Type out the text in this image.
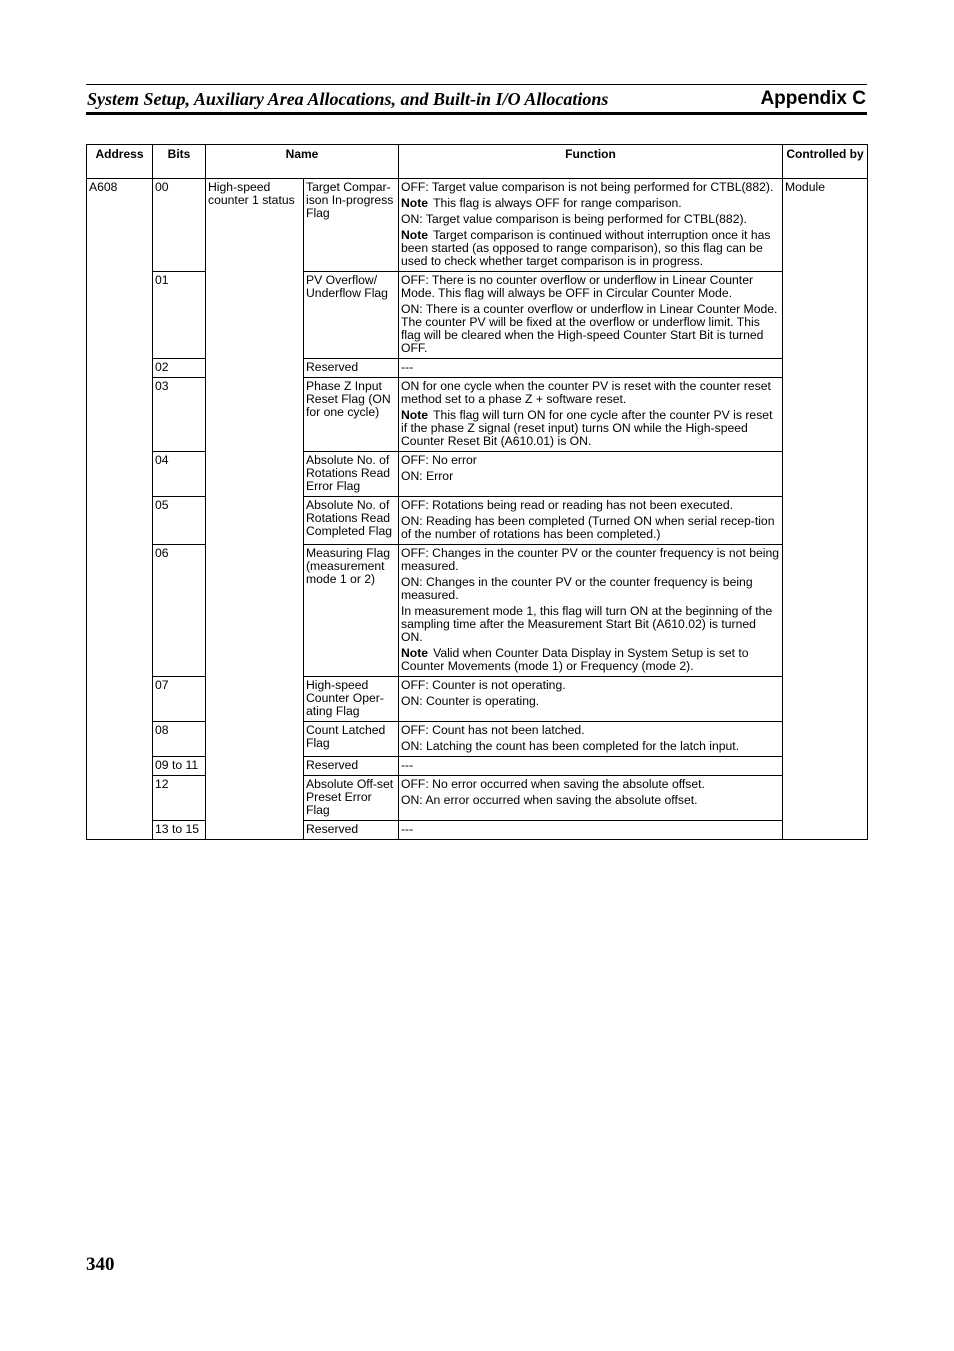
System Setup, Auxiliary Area Allocations, and Built-in I/O Allocations	Appendix C
Address	Bits	Name		Function	Controlled by
A608	00	High-speed counter 1 status	Target Compar-ison In-progress Flag	OFF: Target value comparison is not being performed for CTBL(882).

Note This flag is always OFF for range comparison.

ON: Target value comparison is being performed for CTBL(882).

Note Target comparison is continued without interruption once it has been started (as opposed to range comparison), so this flag can be used to check whether target comparison is in progress.	Module
	01		PV Overflow/ Underflow Flag	OFF: There is no counter overflow or underflow in Linear Counter Mode. This flag will always be OFF in Circular Counter Mode.

ON: There is a counter overflow or underflow in Linear Counter Mode. The counter PV will be fixed at the overflow or underflow limit. This flag will be cleared when the High-speed Counter Start Bit is turned OFF.	

	02		Reserved	---	

	03		Phase Z Input Reset Flag (ON for one cycle)	ON for one cycle when the counter PV is reset with the counter reset method set to a phase Z + software reset.

Note This flag will turn ON for one cycle after the counter PV is reset if the phase Z signal (reset input) turns ON while the High-speed Counter Reset Bit (A610.01) is ON.	

	04		Absolute No. of Rotations Read Error Flag	OFF: No error

ON: Error	

	05		Absolute No. of Rotations Read Completed Flag	OFF: Rotations being read or reading has not been executed.

ON: Reading has been completed (Turned ON when serial recep-tion of the number of rotations has been completed.)	

	06		Measuring Flag (measurement mode 1 or 2)	OFF: Changes in the counter PV or the counter frequency is not being measured.

ON: Changes in the counter PV or the counter frequency is being measured.

In measurement mode 1, this flag will turn ON at the beginning of the sampling time after the Measurement Start Bit (A610.02) is turned ON.

Note Valid when Counter Data Display in System Setup is set to Counter Movements (mode 1) or Frequency (mode 2).	

	07		High-speed Counter Oper-ating Flag	OFF: Counter is not operating.

ON: Counter is operating.	

	08		Count Latched Flag	OFF: Count has not been latched.

ON: Latching the count has been completed for the latch input.	

	09 to 11		Reserved	---	

	12		Absolute Off-set Preset Error Flag	OFF: No error occurred when saving the absolute offset.

ON: An error occurred when saving the absolute offset.	

	13 to 15		Reserved	---	

340
